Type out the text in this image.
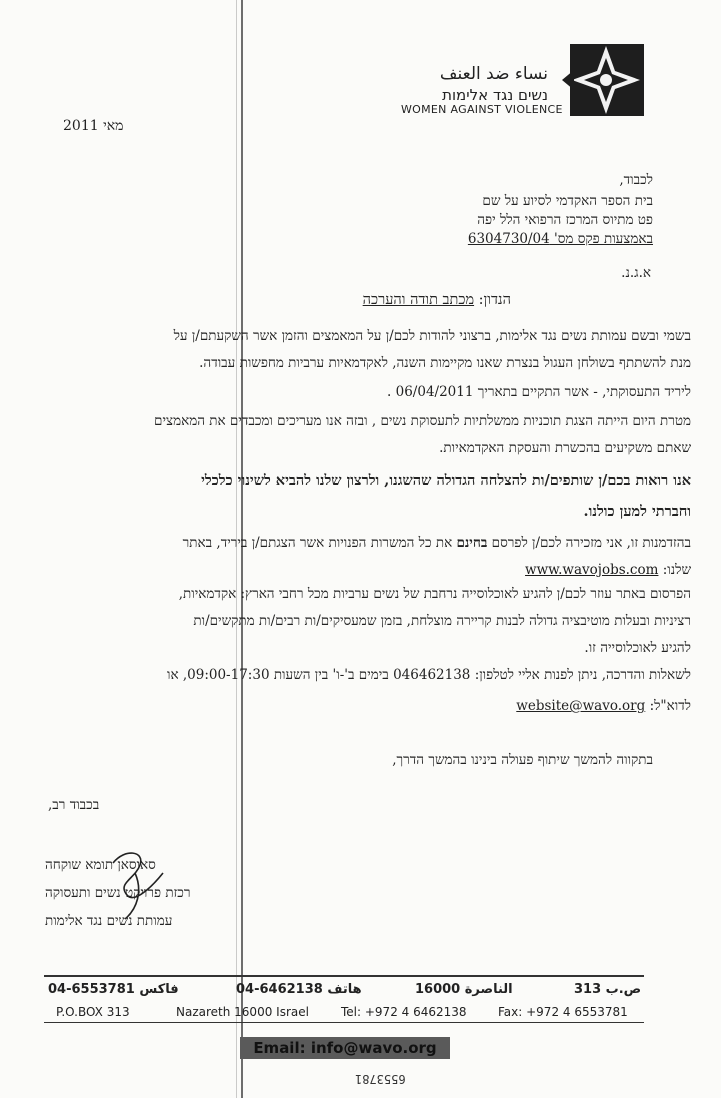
نساء ضد العنف
נשים נגד אלימות
WOMEN AGAINST VIOLENCE
מאי 2011
לכבוד,
בית הספר האקדמי לסיוע על שם
פט מתיוס המרכז הרפואי הלל יפה
באמצעות פקס מס' 6304730/04
א.ג.נ.
הנדון: מכתב תודה והערכה
בשמי ובשם עמותת נשים נגד אלימות, ברצוני להודות לכם/ן על המאמצים והזמן אשר השקעתם/ן על
מנת להשתתף בשולחן העגול בנצרת שאנו מקיימות השנה, לאקדמאיות ערביות מחפשות עבודה.
ליריד התעסוקתי, - אשר התקיים בתאריך 06/04/2011 .
מטרת היום הייתה הצגת תוכניות ממשלתיות לתעסוקת נשים , ובזה אנו מעריכים ומכבדים את המאמצים
שאתם משקיעים בהכשרת והעסקת האקדמאיות.
אנו רואות בכם/ן שותפים/ות להצלחה הגדולה שהשגנו, ולרצון שלנו להביא לשינוי כלכלי
וחברתי למען כולנו.
בהזדמנות זו, אני מזכירה לכם/ן לפרסם בחינם את כל המשרות הפנויות אשר הצגתם/ן ביריד, באתר
שלנו: www.wavojobs.com
הפרסום באתר עוזר לכם/ן להגיע לאוכלוסייה נרחבת של נשים ערביות מכל רחבי הארץ: אקדמאיות,
רציניות ובעלות מוטיבציה גדולה לבנות קריירה מוצלחת, בזמן שמעסיקים/ות רבים/ות מתקשים/ות
להגיע לאוכלוסייה זו.
לשאלות והדרכה, ניתן לפנות אליי לטלפון: 046462138 בימים ב'-ו' בין השעות 09:00-17:30, או
לדוא"ל: website@wavo.org
בתקווה להמשך שיתוף פעולה בינינו בהמשך הדרך,
בכבוד רב,
סאוסאן תומא שוקחה
רכזת פרויקט נשים ותעסוקה
עמותת נשים נגד אלימות
04-6553781 فاكس	04-6462138 هاتف	الناصرة 16000	ص.ب 313
P.O.BOX 313	Nazareth 16000 Israel	Tel: +972 4 6462138	Fax: +972 4 6553781
Email: info@wavo.org
6553781
